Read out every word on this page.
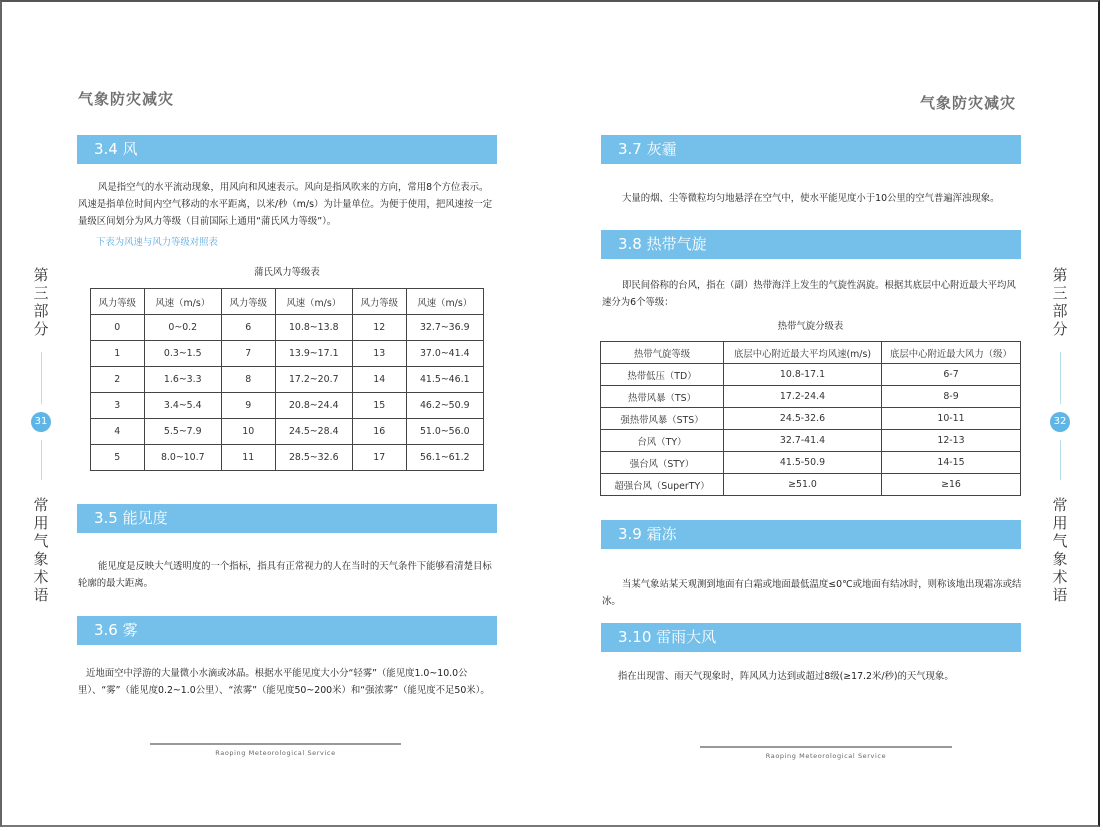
气象防灾减灾
第三部分
31
常用气象术语
3.4 风
风是指空气的水平流动现象，用风向和风速表示。风向是指风吹来的方向，常用8个方位表示。风速是指单位时间内空气移动的水平距离，以米/秒（m/s）为计量单位。为便于使用，把风速按一定量级区间划分为风力等级（目前国际上通用“蒲氏风力等级”）。
下表为风速与风力等级对照表
蒲氏风力等级表
风力等级	风速（m/s）	风力等级	风速（m/s）	风力等级	风速（m/s）
0	0~0.2	6	10.8~13.8	12	32.7~36.9
1	0.3~1.5	7	13.9~17.1	13	37.0~41.4
2	1.6~3.3	8	17.2~20.7	14	41.5~46.1
3	3.4~5.4	9	20.8~24.4	15	46.2~50.9
4	5.5~7.9	10	24.5~28.4	16	51.0~56.0
5	8.0~10.7	11	28.5~32.6	17	56.1~61.2
3.5 能见度
能见度是反映大气透明度的一个指标，指具有正常视力的人在当时的天气条件下能够看清楚目标轮廓的最大距离。
3.6 雾
近地面空中浮游的大量微小水滴或冰晶。根据水平能见度大小分“轻雾”（能见度1.0~10.0公里）、“雾”（能见度0.2~1.0公里）、“浓雾”（能见度50~200米）和“强浓雾”（能见度不足50米）。
Raoping Meteorological Service
气象防灾减灾
第三部分
32
常用气象术语
3.7 灰霾
大量的烟、尘等微粒均匀地悬浮在空气中，使水平能见度小于10公里的空气普遍浑浊现象。
3.8 热带气旋
即民间俗称的台风，指在（副）热带海洋上发生的气旋性涡旋。根据其底层中心附近最大平均风速分为6个等级：
热带气旋分级表
热带气旋等级	底层中心附近最大平均风速(m/s)	底层中心附近最大风力（级）
热带低压（TD）	10.8-17.1	6-7
热带风暴（TS）	17.2-24.4	8-9
强热带风暴（STS）	24.5-32.6	10-11
台风（TY）	32.7-41.4	12-13
强台风（STY）	41.5-50.9	14-15
超强台风（SuperTY）	≥51.0	≥16
3.9 霜冻
当某气象站某天观测到地面有白霜或地面最低温度≤0℃或地面有结冰时，则称该地出现霜冻或结冰。
3.10 雷雨大风
指在出现雷、雨天气现象时，阵风风力达到或超过8级(≥17.2米/秒)的天气现象。
Raoping Meteorological Service
